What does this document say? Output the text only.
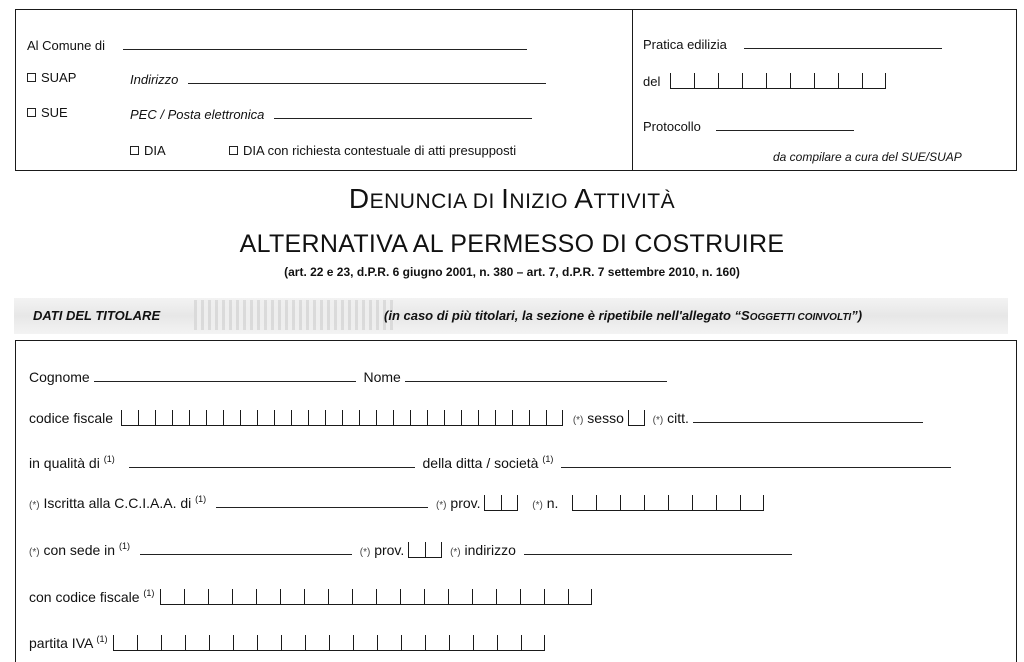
Al Comune di
SUAP	Indirizzo
SUE	PEC / Posta elettronica
DIA	DIA con richiesta contestuale di atti presupposti
Pratica edilizia
del
Protocollo
da compilare a cura del SUE/SUAP
DENUNCIA DI INIZIO ATTIVITÀ
ALTERNATIVA AL PERMESSO DI COSTRUIRE
(art. 22 e 23, d.P.R. 6 giugno 2001, n. 380 – art. 7, d.P.R. 7 settembre 2010, n. 160)
DATI DEL TITOLARE	(in caso di più titolari, la sezione è ripetibile nell'allegato “SOGGETTI COINVOLTI”)
Cognome	Nome
codice fiscale	(*) sesso	(*) citt.
in qualità di $^{(1)}$	della ditta / società $^{(1)}$
(*) Iscritta alla C.C.I.A.A. di $^{(1)}$  (*) prov.	(*) n.
(*) con sede in $^{(1)}$  (*) prov.	(*) indirizzo
con codice fiscale $^{(1)}$
partita IVA $^{(1)}$
